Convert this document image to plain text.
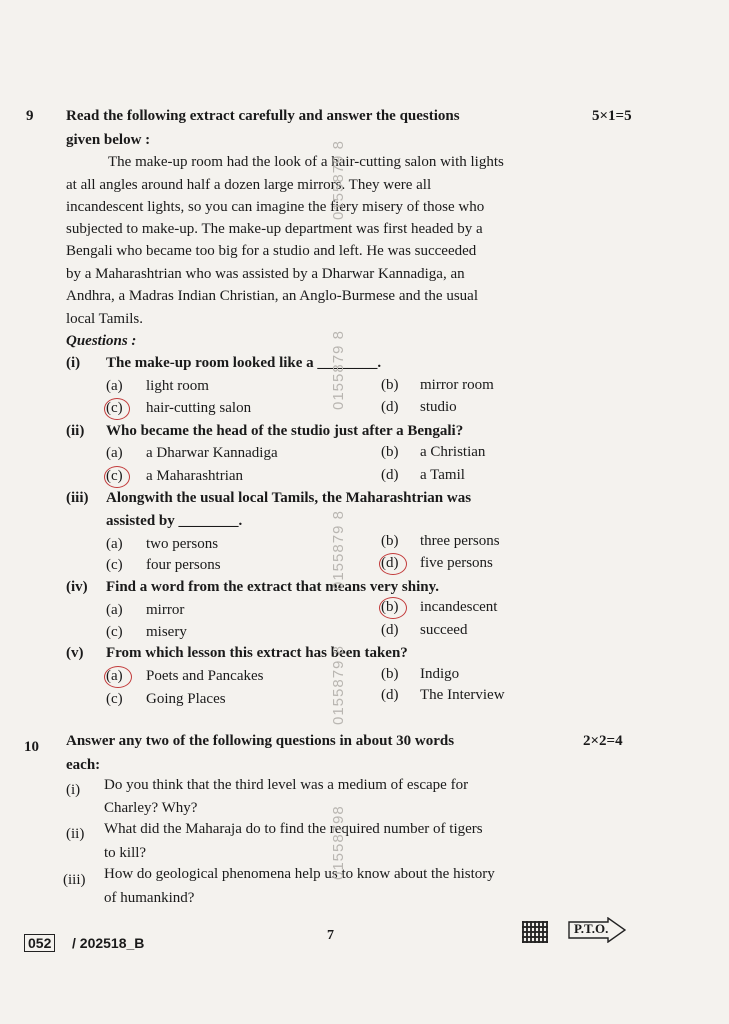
9 Read the following extract carefully and answer the questions	5×1=5
given below :
The make-up room had the look of a hair-cutting salon with lights
at all angles around half a dozen large mirrors. They were all
incandescent lights, so you can imagine the fiery misery of those who
subjected to make-up. The make-up department was first headed by a
Bengali who became too big for a studio and left. He was succeeded
by a Maharashtrian who was assisted by a Dharwar Kannadiga, an
Andhra, a Madras Indian Christian, an Anglo-Burmese and the usual
local Tamils.
Questions :
(i) The make-up room looked like a ________.
(a) light room	(b) mirror room
(c) hair-cutting salon	(d) studio
(ii) Who became the head of the studio just after a Bengali?
(a) a Dharwar Kannadiga	(b) a Christian
(c) a Maharashtrian	(d) a Tamil
(iii) Alongwith the usual local Tamils, the Maharashtrian was
assisted by ________.
(a) two persons	(b) three persons
(c) four persons	(d) five persons
(iv) Find a word from the extract that means very shiny.
(a) mirror	(b) incandescent
(c) misery	(d) succeed
(v) From which lesson this extract has been taken?
(a) Poets and Pancakes	(b) Indigo
(c) Going Places	(d) The Interview
10 Answer any two of the following questions in about 30 words	2×2=4
each:
(i) Do you think that the third level was a medium of escape for
Charley? Why?
(ii) What did the Maharaja do to find the required number of tigers
to kill?
(iii) How do geological phenomena help us to know about the history
of humankind?
0155879 8
0155879 8
0155879 8
0155879 8
01558798
052 / 202518_B	7	P.T.O.
